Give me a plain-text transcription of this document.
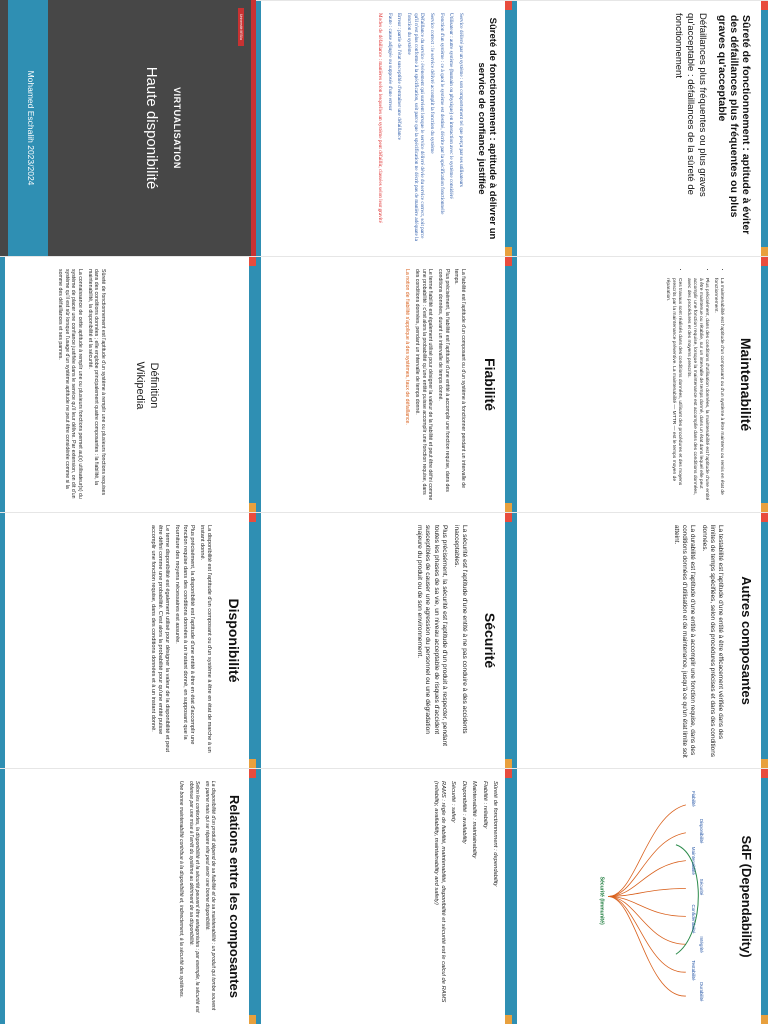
Sûreté de fonctionnement : aptitude à éviter des défaillances plus fréquentes ou plus graves qu'acceptable
Défaillances plus fréquentes ou plus graves qu'acceptable : défaillances de la sûreté de fonctionnement
Sûreté de fonctionnement : aptitude à délivrer un service de confiance justifiée

Service délivré par un système : son comportement tel que perçu par ses utilisateurs

Utilisateur : autre système (humain ou physique) en interaction avec le système considéré

Fonction d'un système : ce à quoi le système est destiné, décrite par la spécification fonctionnelle

Service correct : le service délivré accomplit la fonction du système

Défaillance du service : événement qui survient lorsque le service délivré dévie du service correct, soit parce qu'il n'est plus conforme à la spécification, soit parce que la spécification ne décrit pas de manière adéquate la fonction du système

Erreur : partie de l'état susceptible d'entraîner une défaillance

Faute : cause adjugée ou supposée d'une erreur

Modes de défaillance : manières selon lesquelles un système peut défaillir, classées selon leur gravité

Université M'Sila
VIRTUALISATION
Haute disponibilité
Mohamed Eschalih 2023/2024
Maintenabilité
• La maintenabilité est l'aptitude d'un composant ou d'un système à être maintenu ou remis en état de fonctionnement.
• Plus précisément, dans des conditions d'utilisation données, la maintenabilité est l'aptitude d'une entité à être maintenue ou rétablie, sur un intervalle de temps donné, dans un état dans lequel elle peut accomplir une fonction requise, lorsque la maintenance est accomplie dans des conditions données, avec des procédures et des moyens prescrits.
• Ces travaux sont réalisés dans des conditions données, utilisant des procédures et des moyens prescrits par la maintenance préventive. La maintenabilité — MTTR — est le temps moyen de réparation.
Fiabilité

La fiabilité est l'aptitude d'un composant ou d'un système à fonctionner pendant un intervalle de temps.

Plus précisément, la fiabilité est l'aptitude d'une entité à accomplir une fonction requise, dans des conditions données, durant un intervalle de temps donné.

Le terme fiabilité est également utilisé pour désigner la valeur de la fiabilité et peut être défini comme une probabilité : c'est alors la probabilité qu'une entité puisse accomplir une fonction requise, dans des conditions données, pendant un intervalle de temps donné.

La notion de fiabilité s'applique à des systèmes, taux de défaillance.

Définition
Wikipedia

Sûreté de fonctionnement est l'aptitude d'un système à remplir une ou plusieurs fonctions requises dans des conditions données ; elle englobe principalement quatre composantes : la fiabilité, la maintenabilité, la disponibilité et la sécurité.

La connaissance de cette aptitude à remplir une ou plusieurs fonctions permet au(x) utilisateur(s) du système de placer une confiance justifiée dans le service qu'il leur délivre. Par extension, on dit d'un système qu'il est sûr lorsque l'usage d'un système aptitude ne peut être considérée comme si la somme des défaillances et ses pannes.

Autres composantes

La testabilité est l'aptitude d'une entité à être efficacement vérifiée dans des limites de temps spécifiées, selon des procédures précises et dans des conditions données.

La durabilité est l'aptitude d'une entité à accomplir une fonction requise, dans des conditions données d'utilisation et de maintenance, jusqu'à ce qu'un état limite soit atteint.

Sécurité

La sécurité est l'aptitude d'une entité à ne pas conduire à des accidents inacceptables.

Plus précisément, la sécurité est l'aptitude d'un produit à respecter, pendant toutes les phases de sa vie, un niveau acceptable de risques d'accident susceptibles de causer une agression du personnel ou une dégradation majeure du produit ou de son environnement.

Disponibilité

La disponibilité est l'aptitude d'un composant ou d'un système à être en état de marche à un instant donné.

Plus précisément, la disponibilité est l'aptitude d'une entité à être en état d'accomplir une fonction requise dans des conditions données à un instant donné, en supposant que la fourniture des moyens nécessaires est assurée.

Le terme disponibilité est également utilisé pour désigner la valeur de la disponibilité et peut être défini comme une probabilité. C'est alors la probabilité pour qu'une entité puisse accomplir une fonction requise, dans des conditions données et à un instant donné.

SdF (Dependability)
Fiabilité
Disponibilité
Maintenabilité
Sécurité
Confidentialité
Intégrité
Testabilité
Durabilité
Sécurité (Immunité)

Sûreté de fonctionnement : dependability

Fiabilité : reliability

Maintenabilité : maintainability

Disponibilité : availability

Sécurité : safety

RAMS : règle de fiabilité, maintenabilité, disponibilité et sécurité est le calcul de RAMS (reliability, availability, maintainability and safety)

Relations entre les composantes

La disponibilité d'un produit dépend de sa fiabilité et de sa maintenabilité : un produit qui tombe souvent en panne mais qui se répare vite peut avoir une bonne disponibilité.

Selon les contextes, la disponibilité et la sécurité peuvent être antagonistes : par exemple, la sécurité est obtenue par une mise à l'arrêt du système au détriment de sa disponibilité.

Une bonne maintenabilité contribue à la disponibilité et, indirectement, à la sécurité des systèmes.
